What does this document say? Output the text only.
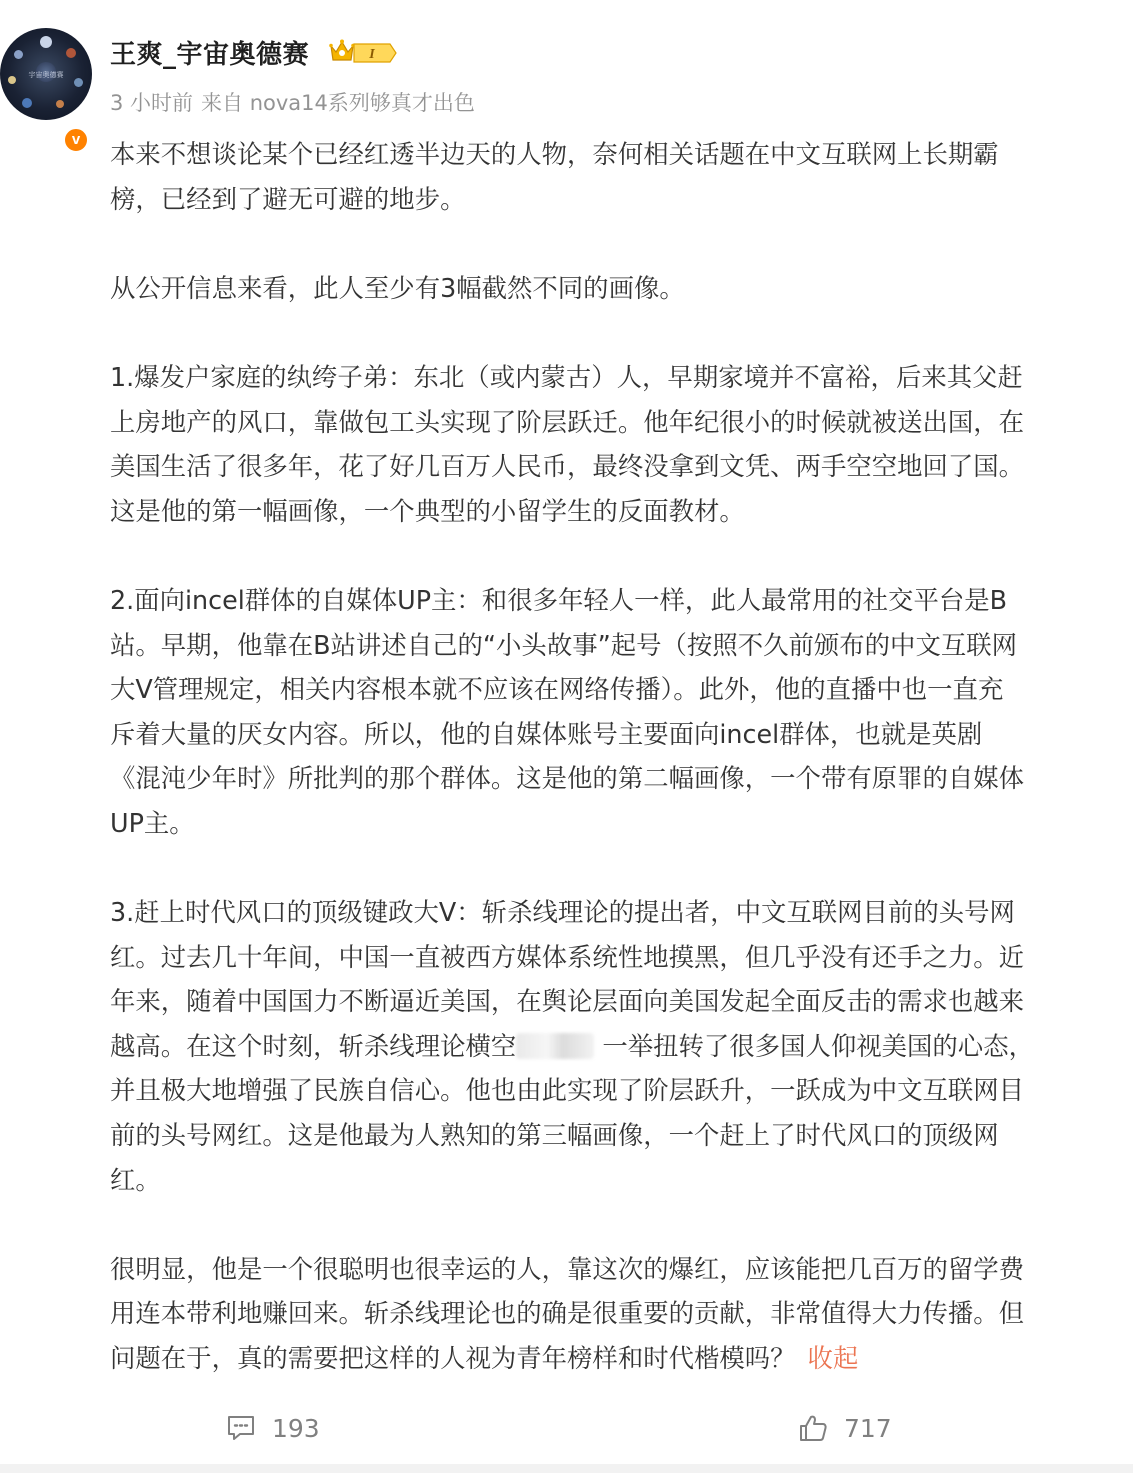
宇宙奥德赛
v
王爽_宇宙奥德赛	I
3 小时前 来自 nova14系列够真才出色

本来不想谈论某个已经红透半边天的人物，奈何相关话题在中文互联网上长期霸
榜，已经到了避无可避的地步。

从公开信息来看，此人至少有3幅截然不同的画像。

1.爆发户家庭的纨绔子弟：东北（或内蒙古）人，早期家境并不富裕，后来其父赶
上房地产的风口，靠做包工头实现了阶层跃迁。他年纪很小的时候就被送出国，在
美国生活了很多年，花了好几百万人民币，最终没拿到文凭、两手空空地回了国。
这是他的第一幅画像，一个典型的小留学生的反面教材。

2.面向incel群体的自媒体UP主：和很多年轻人一样，此人最常用的社交平台是B
站。早期，他靠在B站讲述自己的“小头故事”起号（按照不久前颁布的中文互联网
大V管理规定，相关内容根本就不应该在网络传播）。此外，他的直播中也一直充
斥着大量的厌女内容。所以，他的自媒体账号主要面向incel群体，也就是英剧
《混沌少年时》所批判的那个群体。这是他的第二幅画像，一个带有原罪的自媒体
UP主。

3.赶上时代风口的顶级键政大V：斩杀线理论的提出者，中文互联网目前的头号网
红。过去几十年间，中国一直被西方媒体系统性地摸黑，但几乎没有还手之力。近
年来，随着中国国力不断逼近美国，在舆论层面向美国发起全面反击的需求也越来
越高。在这个时刻，斩杀线理论横空	一举扭转了很多国人仰视美国的心态，
并且极大地增强了民族自信心。他也由此实现了阶层跃升，一跃成为中文互联网目
前的头号网红。这是他最为人熟知的第三幅画像，一个赶上了时代风口的顶级网
红。

很明显，他是一个很聪明也很幸运的人，靠这次的爆红，应该能把几百万的留学费
用连本带利地赚回来。斩杀线理论也的确是很重要的贡献，非常值得大力传播。但
问题在于，真的需要把这样的人视为青年榜样和时代楷模吗？ 收起

193	717
